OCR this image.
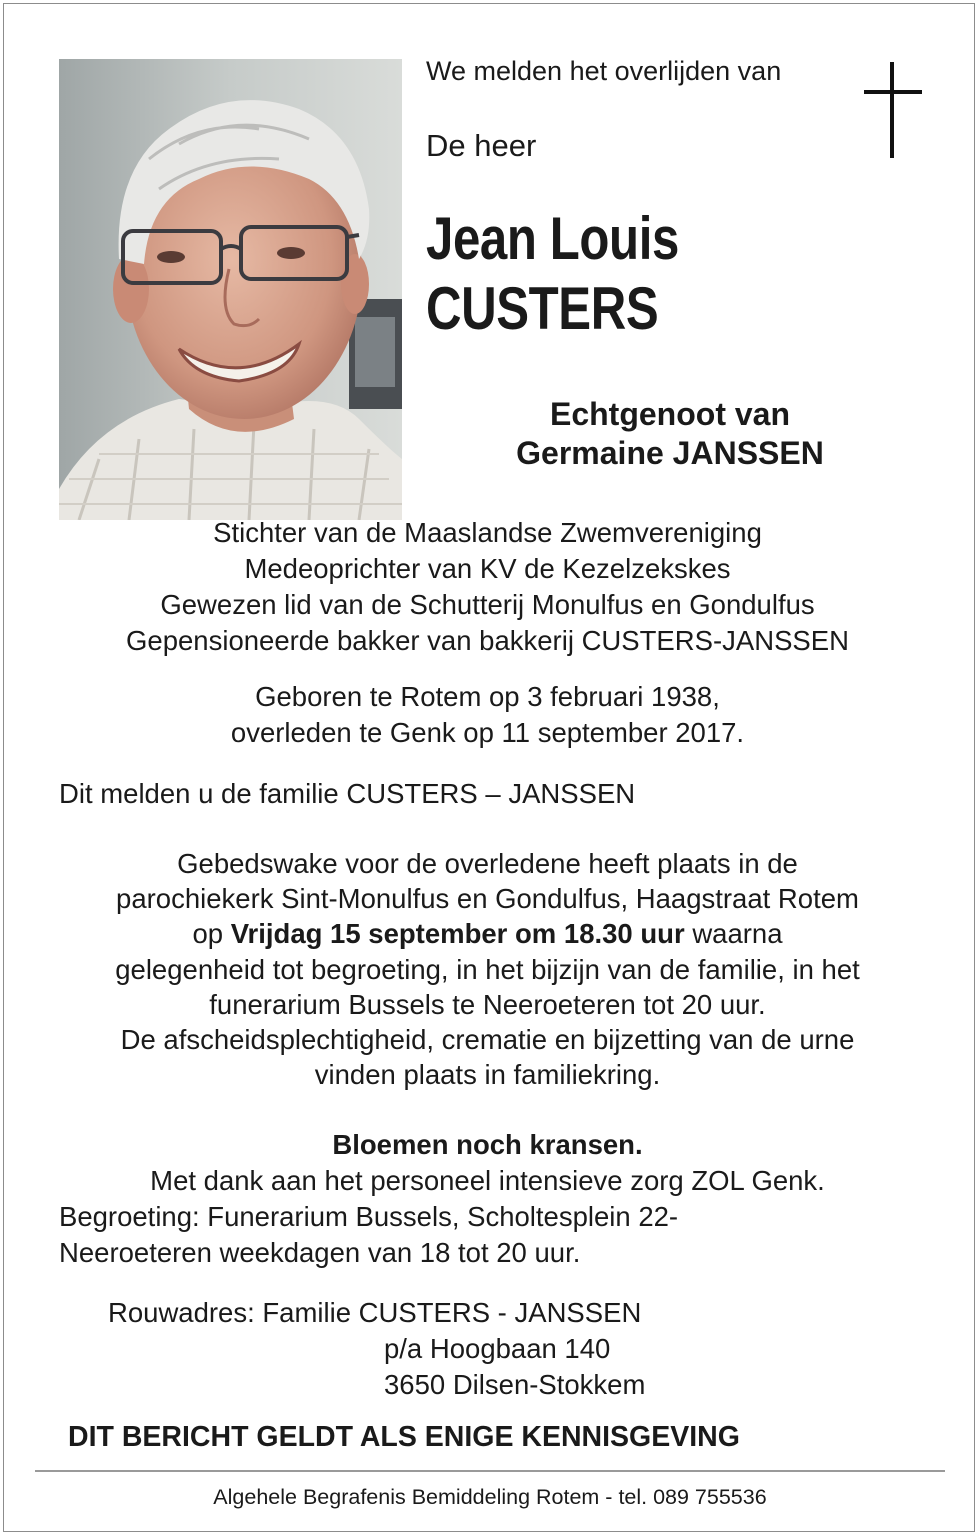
We melden het overlijden van
De heer
Jean Louis
CUSTERS
Echtgenoot van
Germaine JANSSEN
Stichter van de Maaslandse Zwemvereniging
Medeoprichter van KV de Kezelzekskes
Gewezen lid van de Schutterij Monulfus en Gondulfus
Gepensioneerde bakker van bakkerij CUSTERS-JANSSEN
Geboren te Rotem op 3 februari 1938,
overleden te Genk op 11 september 2017.
Dit melden u de familie CUSTERS – JANSSEN
Gebedswake voor de overledene heeft plaats in de
parochiekerk Sint-Monulfus en Gondulfus, Haagstraat Rotem
op Vrijdag 15 september om 18.30 uur waarna
gelegenheid tot begroeting, in het bijzijn van de familie, in het
funerarium Bussels te Neeroeteren tot 20 uur.
De afscheidsplechtigheid, crematie en bijzetting van de urne
vinden plaats in familiekring.
Bloemen noch kransen.
Met dank aan het personeel intensieve zorg ZOL Genk.
Begroeting: Funerarium Bussels, Scholtesplein 22-
Neeroeteren weekdagen van 18 tot 20 uur.
Rouwadres: Familie CUSTERS - JANSSEN
p/a Hoogbaan 140
3650 Dilsen-Stokkem
DIT BERICHT GELDT ALS ENIGE KENNISGEVING
Algehele Begrafenis Bemiddeling Rotem - tel. 089 755536
